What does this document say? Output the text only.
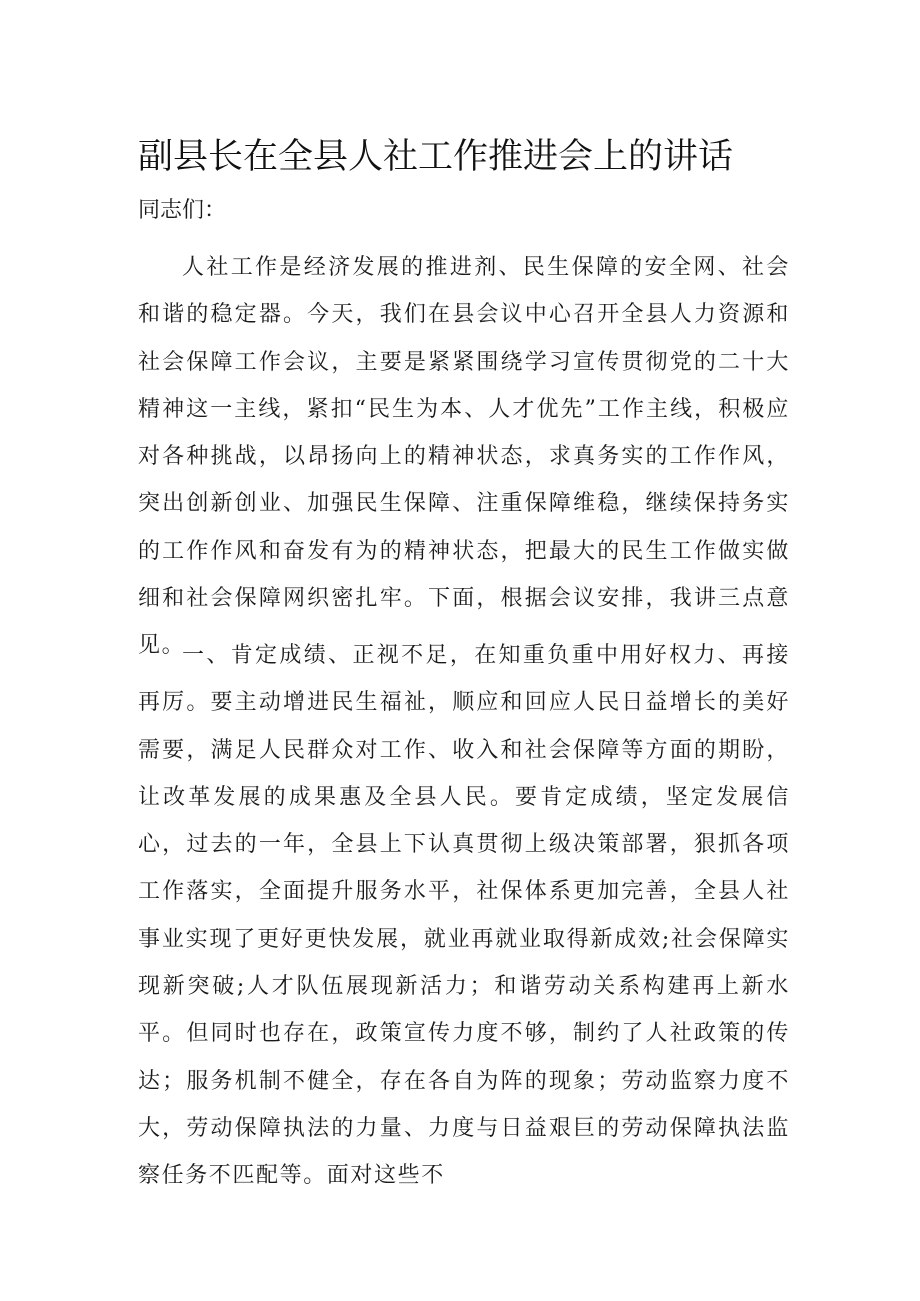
副县长在全县人社工作推进会上的讲话
同志们：

人社工作是经济发展的推进剂、民生保障的安全网、社会和谐的稳定器。今天，我们在县会议中心召开全县人力资源和社会保障工作会议，主要是紧紧围绕学习宣传贯彻党的二十大精神这一主线，紧扣“民生为本、人才优先”工作主线，积极应对各种挑战，以昂扬向上的精神状态，求真务实的工作作风，突出创新创业、加强民生保障、注重保障维稳，继续保持务实的工作作风和奋发有为的精神状态，把最大的民生工作做实做细和社会保障网织密扎牢。下面，根据会议安排，我讲三点意见。

一、肯定成绩、正视不足，在知重负重中用好权力、再接再厉。要主动增进民生福祉，顺应和回应人民日益增长的美好需要，满足人民群众对工作、收入和社会保障等方面的期盼，让改革发展的成果惠及全县人民。要肯定成绩，坚定发展信心，过去的一年，全县上下认真贯彻上级决策部署，狠抓各项工作落实，全面提升服务水平，社保体系更加完善，全县人社事业实现了更好更快发展，就业再就业取得新成效;社会保障实现新突破;人才队伍展现新活力；和谐劳动关系构建再上新水平。但同时也存在，政策宣传力度不够，制约了人社政策的传达；服务机制不健全，存在各自为阵的现象；劳动监察力度不大，劳动保障执法的力量、力度与日益艰巨的劳动保障执法监察任务不匹配等。面对这些不
